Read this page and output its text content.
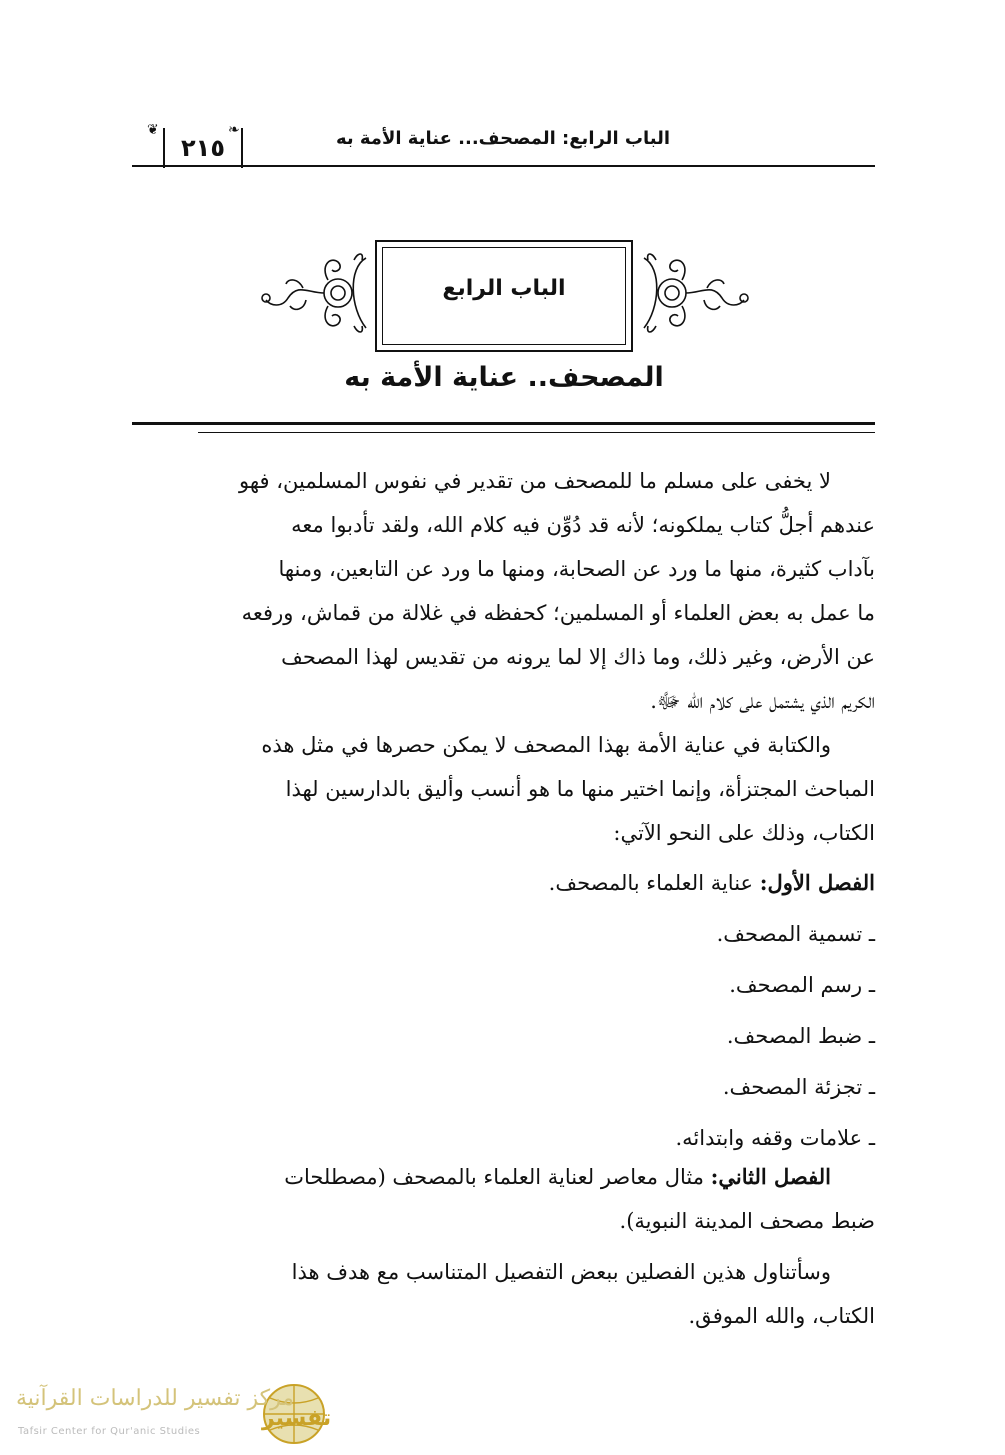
الباب الرابع: المصحف... عناية الأمة به
❦
٢١٥
❧
الباب الرابع
المصحف.. عناية الأمة به
لا يخفى على مسلم ما للمصحف من تقدير في نفوس المسلمين، فهو
عندهم أجلُّ كتاب يملكونه؛ لأنه قد دُوِّن فيه كلام الله، ولقد تأدبوا معه
بآداب كثيرة، منها ما ورد عن الصحابة، ومنها ما ورد عن التابعين، ومنها
ما عمل به بعض العلماء أو المسلمين؛ كحفظه في غلالة من قماش، ورفعه
عن الأرض، وغير ذلك، وما ذاك إلا لما يرونه من تقديس لهذا المصحف
الكريم الذي يشتمل على كلام الله ﷻ.
والكتابة في عناية الأمة بهذا المصحف لا يمكن حصرها في مثل هذه
المباحث المجتزأة، وإنما اختير منها ما هو أنسب وأليق بالدارسين لهذا
الكتاب، وذلك على النحو الآتي:
الفصل الأول: عناية العلماء بالمصحف.
ـ تسمية المصحف.
ـ رسم المصحف.
ـ ضبط المصحف.
ـ تجزئة المصحف.
ـ علامات وقفه وابتدائه.
الفصل الثاني: مثال معاصر لعناية العلماء بالمصحف (مصطلحات
ضبط مصحف المدينة النبوية).
وسأتناول هذين الفصلين ببعض التفصيل المتناسب مع هدف هذا
الكتاب، والله الموفق.
تفسير
مركز تفسير للدراسات القرآنية
Tafsir Center for Qur'anic Studies
